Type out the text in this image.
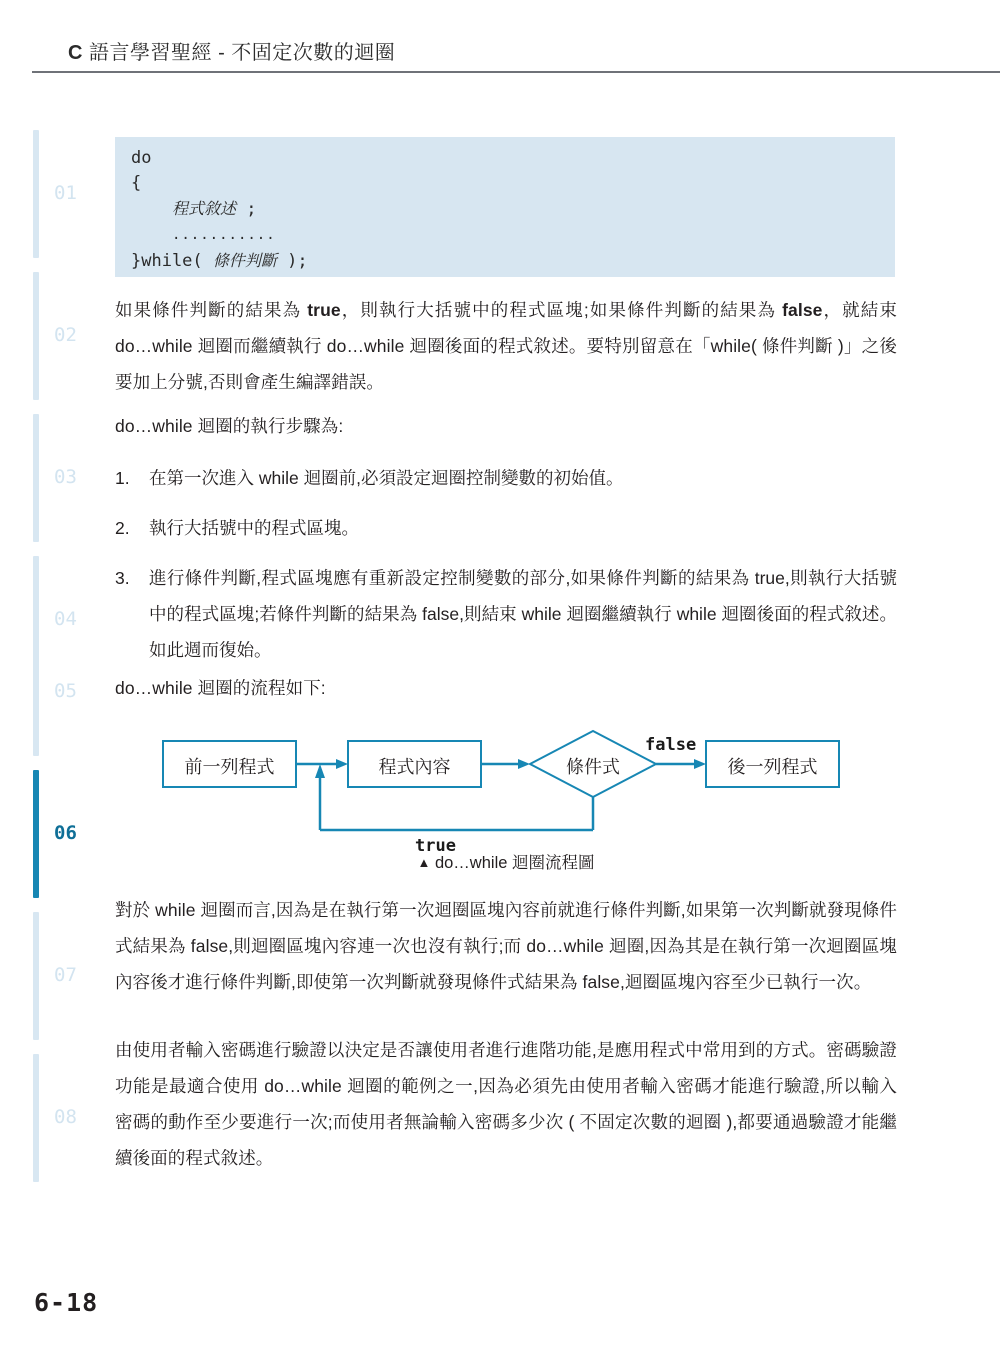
C 語言學習聖經 - 不固定次數的迴圈
01
02
03
04
05
06
07
08
do
{
程式敘述 ;
...........
}while( 條件判斷 );

如果條件判斷的結果為 true，則執行大括號中的程式區塊;如果條件判斷的結果為 false，就結束 do…while 迴圈而繼續執行 do…while 迴圈後面的程式敘述。要特別留意在「while( 條件判斷 )」之後要加上分號,否則會產生編譯錯誤。

do…while 迴圈的執行步驟為:

1.	在第一次進入 while 迴圈前,必須設定迴圈控制變數的初始值。
2.	執行大括號中的程式區塊。
3.	進行條件判斷,程式區塊應有重新設定控制變數的部分,如果條件判斷的結果為 true,則執行大括號中的程式區塊;若條件判斷的結果為 false,則結束 while 迴圈繼續執行 while 迴圈後面的程式敘述。如此週而復始。

do…while 迴圈的流程如下:

前一列程式	程式內容	條件式	後一列程式
false
true
▲ do…while 迴圈流程圖

對於 while 迴圈而言,因為是在執行第一次迴圈區塊內容前就進行條件判斷,如果第一次判斷就發現條件式結果為 false,則迴圈區塊內容連一次也沒有執行;而 do…while 迴圈,因為其是在執行第一次迴圈區塊內容後才進行條件判斷,即使第一次判斷就發現條件式結果為 false,迴圈區塊內容至少已執行一次。

由使用者輸入密碼進行驗證以決定是否讓使用者進行進階功能,是應用程式中常用到的方式。密碼驗證功能是最適合使用 do…while 迴圈的範例之一,因為必須先由使用者輸入密碼才能進行驗證,所以輸入密碼的動作至少要進行一次;而使用者無論輸入密碼多少次 ( 不固定次數的迴圈 ),都要通過驗證才能繼續後面的程式敘述。

6-18
